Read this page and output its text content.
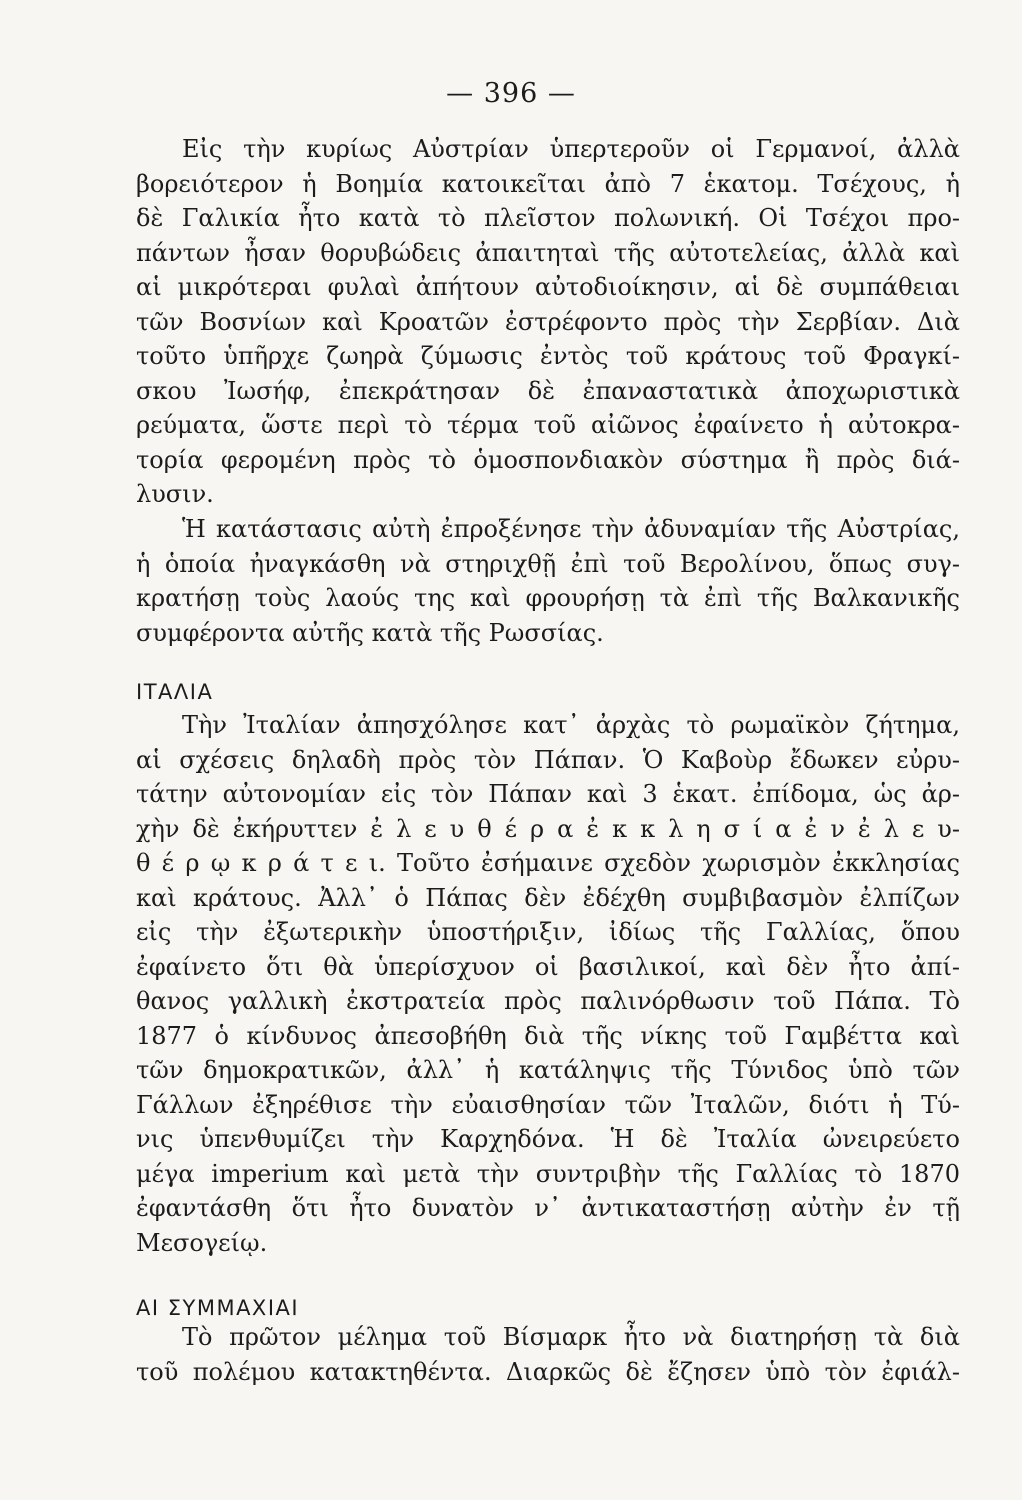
— 396 —
Εἰς τὴν κυρίως Αὐστρίαν ὑπερτεροῦν οἱ Γερμανοί, ἀλλὰ
βορειότερον ἡ Βοημία κατοικεῖται ἀπὸ 7 ἑκατομ. Τσέχους, ἡ
δὲ Γαλικία ἦτο κατὰ τὸ πλεῖστον πολωνική. Οἱ Τσέχοι προ-
πάντων ἦσαν θορυβώδεις ἀπαιτηταὶ τῆς αὐτοτελείας, ἀλλὰ καὶ
αἱ μικρότεραι φυλαὶ ἀπήτουν αὐτοδιοίκησιν, αἱ δὲ συμπάθειαι
τῶν Βοσνίων καὶ Κροατῶν ἐστρέφοντο πρὸς τὴν Σερβίαν. Διὰ
τοῦτο ὑπῆρχε ζωηρὰ ζύμωσις ἐντὸς τοῦ κράτους τοῦ Φραγκί-
σκου Ἰωσήφ, ἐπεκράτησαν δὲ ἐπαναστατικὰ ἀποχωριστικὰ
ρεύματα, ὥστε περὶ τὸ τέρμα τοῦ αἰῶνος ἐφαίνετο ἡ αὐτοκρα-
τορία φερομένη πρὸς τὸ ὁμοσπονδιακὸν σύστημα ἢ πρὸς διά-
λυσιν.
Ἡ κατάστασις αὐτὴ ἐπροξένησε τὴν ἀδυναμίαν τῆς Αὐστρίας,
ἡ ὁποία ἠναγκάσθη νὰ στηριχθῇ ἐπὶ τοῦ Βερολίνου, ὅπως συγ-
κρατήσῃ τοὺς λαούς της καὶ φρουρήσῃ τὰ ἐπὶ τῆς Βαλκανικῆς
συμφέροντα αὐτῆς κατὰ τῆς Ρωσσίας.
ΙΤΑΛΙΑ
Τὴν Ἰταλίαν ἀπησχόλησε κατ᾽ ἀρχὰς τὸ ρωμαϊκὸν ζήτημα,
αἱ σχέσεις δηλαδὴ πρὸς τὸν Πάπαν. Ὁ Καβοὺρ ἔδωκεν εὐρυ-
τάτην αὐτονομίαν εἰς τὸν Πάπαν καὶ 3 ἑκατ. ἐπίδομα, ὡς ἀρ-
χὴν δὲ ἐκήρυττεν ἐ λ ε υ θ έ ρ α ἐ κ κ λ η σ ί α ἐ ν ἐ λ ε υ-
θ έ ρ ῳ κ ρ ά τ ε ι. Τοῦτο ἐσήμαινε σχεδὸν χωρισμὸν ἐκκλησίας
καὶ κράτους. Ἀλλ᾽ ὁ Πάπας δὲν ἐδέχθη συμβιβασμὸν ἐλπίζων
εἰς τὴν ἐξωτερικὴν ὑποστήριξιν, ἰδίως τῆς Γαλλίας, ὅπου
ἐφαίνετο ὅτι θὰ ὑπερίσχυον οἱ βασιλικοί, καὶ δὲν ἦτο ἀπί-
θανος γαλλικὴ ἐκστρατεία πρὸς παλινόρθωσιν τοῦ Πάπα. Τὸ
1877 ὁ κίνδυνος ἀπεσοβήθη διὰ τῆς νίκης τοῦ Γαμβέττα καὶ
τῶν δημοκρατικῶν, ἀλλ᾽ ἡ κατάληψις τῆς Τύνιδος ὑπὸ τῶν
Γάλλων ἐξηρέθισε τὴν εὐαισθησίαν τῶν Ἰταλῶν, διότι ἡ Τύ-
νις ὑπενθυμίζει τὴν Καρχηδόνα. Ἡ δὲ Ἰταλία ὠνειρεύετο
μέγα imperium καὶ μετὰ τὴν συντριβὴν τῆς Γαλλίας τὸ 1870
ἐφαντάσθη ὅτι ἦτο δυνατὸν ν᾽ ἀντικαταστήσῃ αὐτὴν ἐν τῇ
Μεσογείῳ.
ΑΙ ΣΥΜΜΑΧΙΑΙ
Τὸ πρῶτον μέλημα τοῦ Βίσμαρκ ἦτο νὰ διατηρήσῃ τὰ διὰ
τοῦ πολέμου κατακτηθέντα. Διαρκῶς δὲ ἔζησεν ὑπὸ τὸν ἐφιάλ-
